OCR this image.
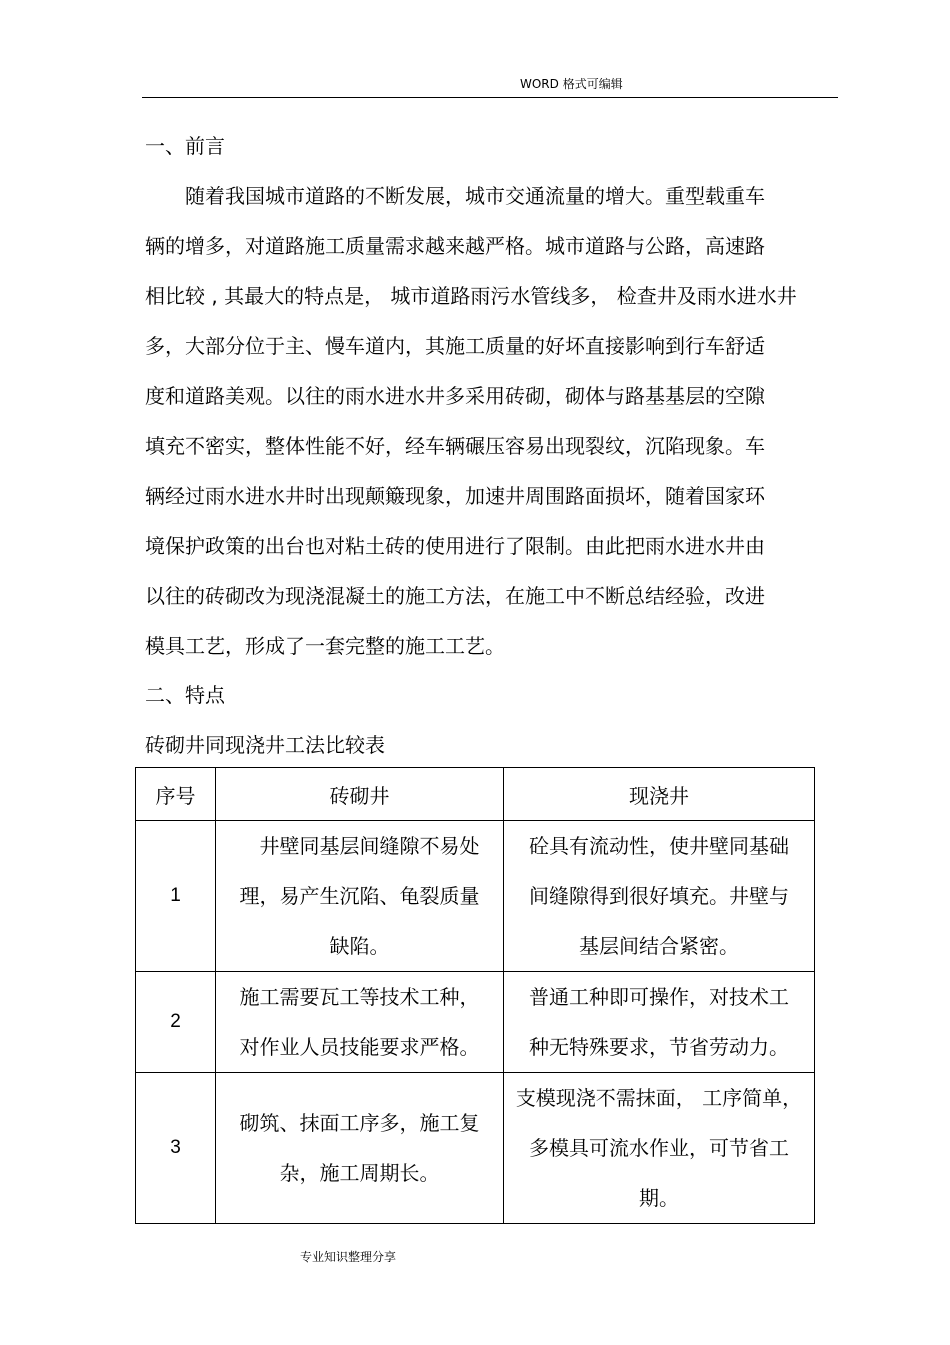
WORD 格式可编辑
一、前言
随着我国城市道路的不断发展，城市交通流量的增大。重型载重车
辆的增多，对道路施工质量需求越来越严格。城市道路与公路，高速路
相比较 , 其最大的特点是， 城市道路雨污水管线多， 检查井及雨水进水井
多，大部分位于主、慢车道内，其施工质量的好坏直接影响到行车舒适
度和道路美观。以往的雨水进水井多采用砖砌，砌体与路基基层的空隙
填充不密实，整体性能不好，经车辆碾压容易出现裂纹，沉陷现象。车
辆经过雨水进水井时出现颠簸现象，加速井周围路面损坏，随着国家环
境保护政策的出台也对粘土砖的使用进行了限制。由此把雨水进水井由
以往的砖砌改为现浇混凝土的施工方法，在施工中不断总结经验，改进
模具工艺，形成了一套完整的施工工艺。
二、特点
砖砌井同现浇井工法比较表
序号	砖砌井	现浇井
1	井壁同基层间缝隙不易处
理，易产生沉陷、龟裂质量
缺陷。	砼具有流动性，使井壁同基础
间缝隙得到很好填充。井壁与
基层间结合紧密。

2	施工需要瓦工等技术工种，
对作业人员技能要求严格。	普通工种即可操作，对技术工
种无特殊要求，节省劳动力。

3	砌筑、抹面工序多，施工复
杂，施工周期长。	支模现浇不需抹面， 工序简单，
多模具可流水作业，可节省工
期。
专业知识整理分享
